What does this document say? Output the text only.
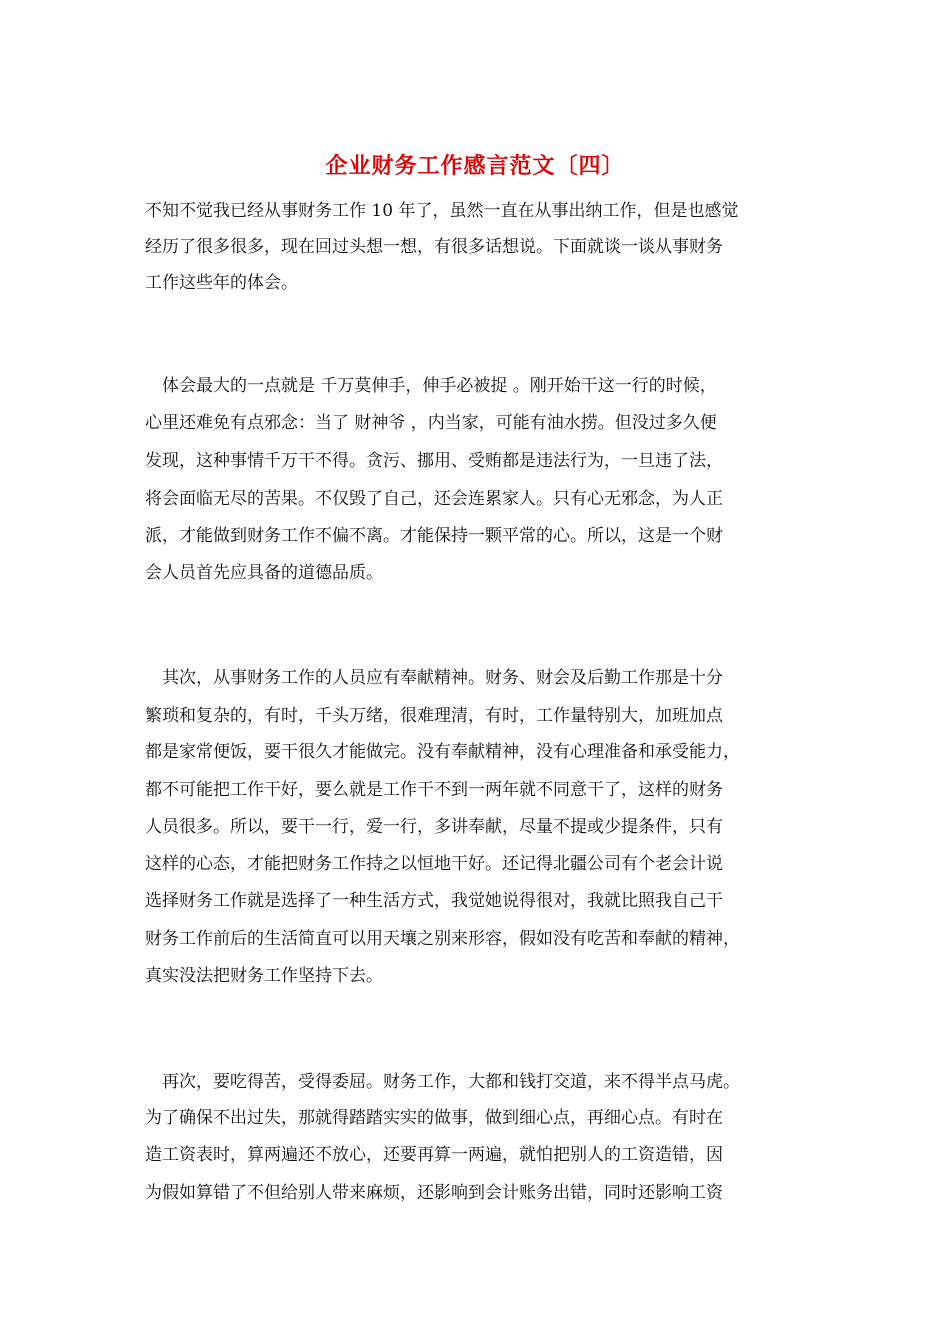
企业财务工作感言范文〔四〕
不知不觉我已经从事财务工作 10 年了，虽然一直在从事出纳工作，但是也感觉
经历了很多很多，现在回过头想一想，有很多话想说。下面就谈一谈从事财务
工作这些年的体会。
　体会最大的一点就是 千万莫伸手，伸手必被捉 。刚开始干这一行的时候，
心里还难免有点邪念：当了 财神爷 ，内当家，可能有油水捞。但没过多久便
发现，这种事情千万干不得。贪污、挪用、受贿都是违法行为，一旦违了法，
将会面临无尽的苦果。不仅毁了自己，还会连累家人。只有心无邪念，为人正
派，才能做到财务工作不偏不离。才能保持一颗平常的心。所以，这是一个财
会人员首先应具备的道德品质。
　其次，从事财务工作的人员应有奉献精神。财务、财会及后勤工作那是十分
繁琐和复杂的，有时，千头万绪，很难理清，有时，工作量特别大，加班加点
都是家常便饭，要干很久才能做完。没有奉献精神，没有心理准备和承受能力，
都不可能把工作干好，要么就是工作干不到一两年就不同意干了，这样的财务
人员很多。所以，要干一行，爱一行，多讲奉献，尽量不提或少提条件，只有
这样的心态，才能把财务工作持之以恒地干好。还记得北疆公司有个老会计说
选择财务工作就是选择了一种生活方式，我觉她说得很对，我就比照我自己干
财务工作前后的生活简直可以用天壤之别来形容，假如没有吃苦和奉献的精神，
真实没法把财务工作坚持下去。
　再次，要吃得苦，受得委屈。财务工作，大都和钱打交道，来不得半点马虎。
为了确保不出过失，那就得踏踏实实的做事，做到细心点，再细心点。有时在
造工资表时，算两遍还不放心，还要再算一两遍，就怕把别人的工资造错，因
为假如算错了不但给别人带来麻烦，还影响到会计账务出错，同时还影响工资
